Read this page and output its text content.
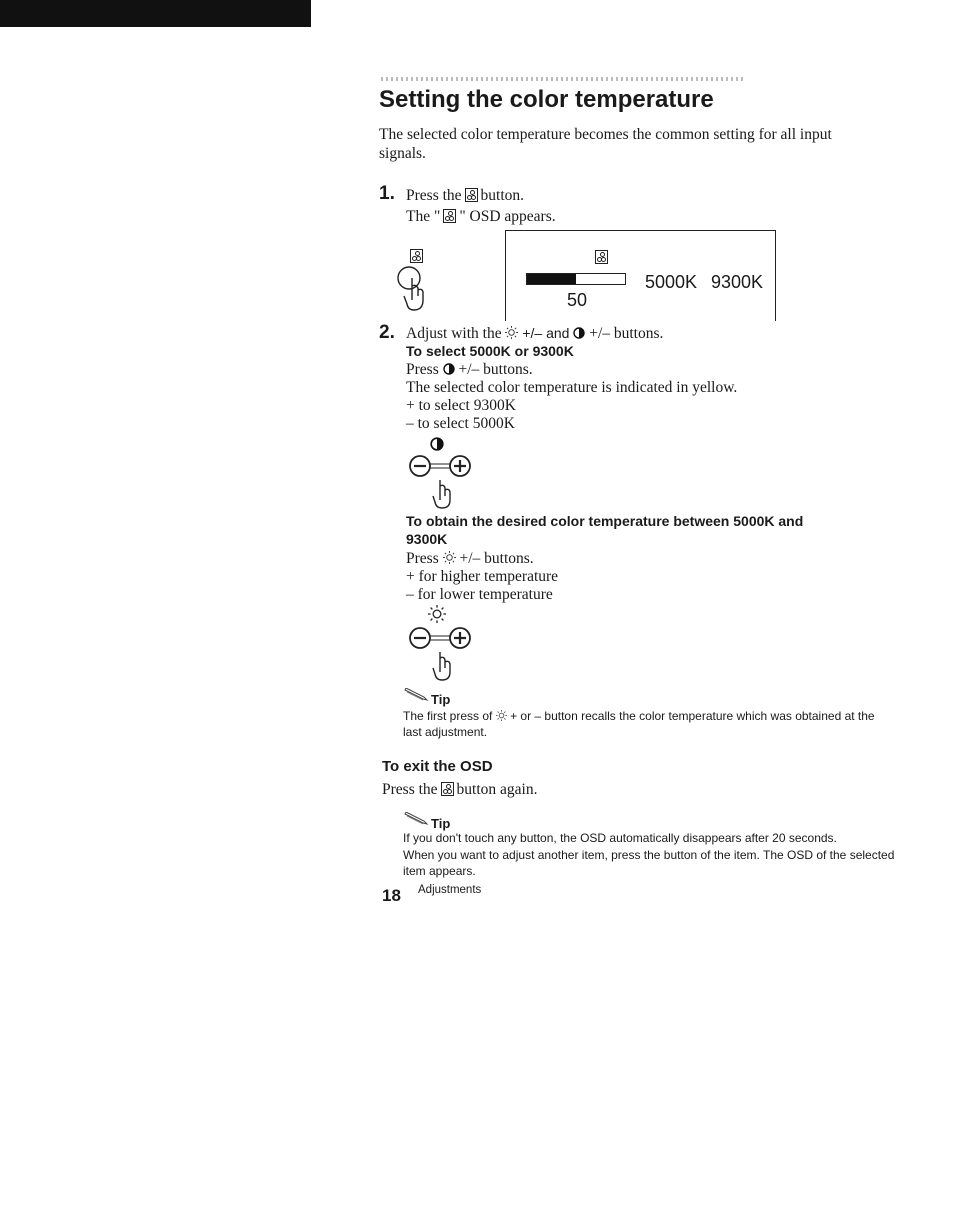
Setting the color temperature
The selected color temperature becomes the common setting for all input
signals.
1. Press the button.
The " " OSD appears.

5000K 9300K
50
2. Adjust with the +/– and +/– buttons.
To select 5000K or 9300K
Press +/– buttons.
The selected color temperature is indicated in yellow.
+ to select 9300K
– to select 5000K
To obtain the desired color temperature between 5000K and
9300K
Press +/– buttons.
+ for higher temperature
– for lower temperature
Tip
The first press of + or – button recalls the color temperature which was obtained at the
last adjustment.
To exit the OSD
Press the button again.
Tip
If you don't touch any button, the OSD automatically disappears after 20 seconds.
When you want to adjust another item, press the button of the item. The OSD of the selected
item appears.
18 Adjustments
